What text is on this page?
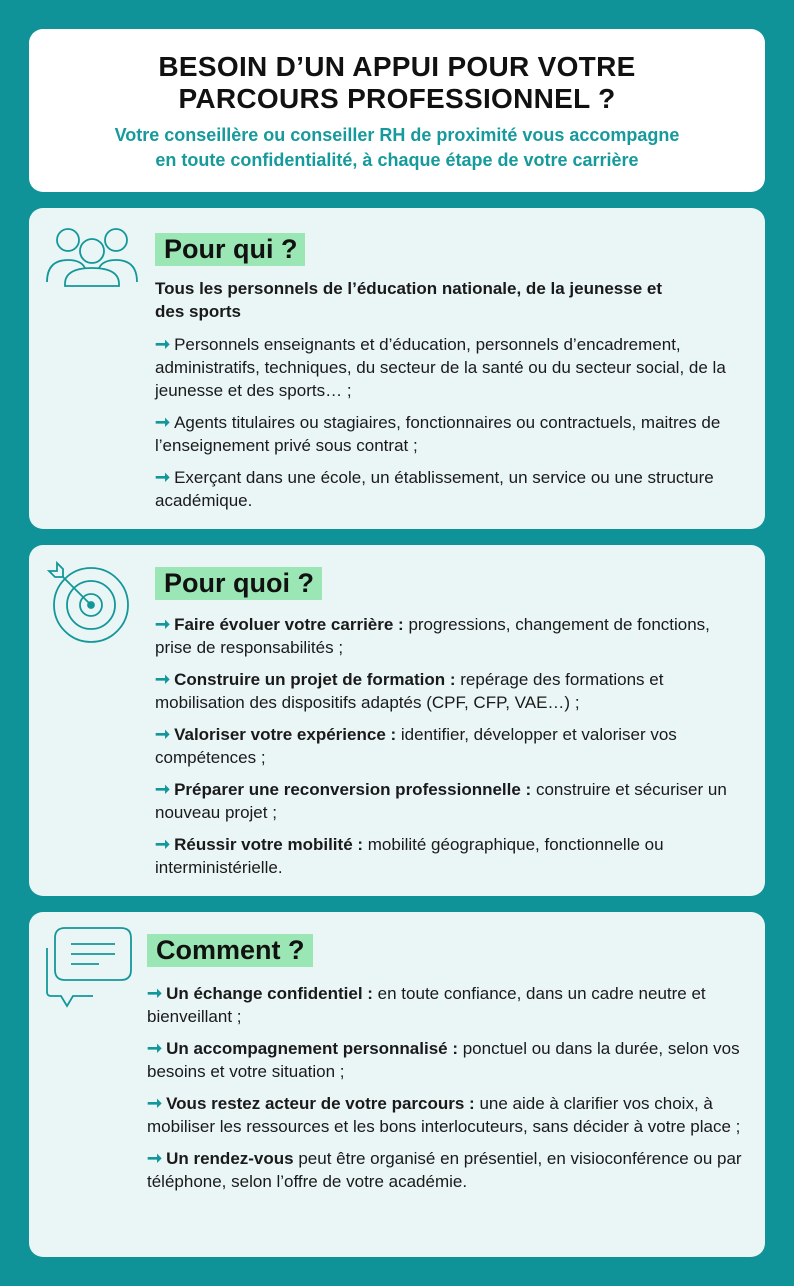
BESOIN D’UN APPUI POUR VOTRE
PARCOURS PROFESSIONNEL ?
Votre conseillère ou conseiller RH de proximité vous accompagne
en toute confidentialité, à chaque étape de votre carrière
Pour qui ?
Tous les personnels de l’éducation nationale, de la jeunesse et des sports
➞ Personnels enseignants et d’éducation, personnels d’encadrement, administratifs, techniques, du secteur de la santé ou du secteur social, de la jeunesse et des sports… ;
➞ Agents titulaires ou stagiaires, fonctionnaires ou contractuels, maitres de l’enseignement privé sous contrat ;
➞ Exerçant dans une école, un établissement, un service ou une structure académique.
Pour quoi ?
➞ Faire évoluer votre carrière : progressions, changement de fonctions, prise de responsabilités ;
➞ Construire un projet de formation : repérage des formations et mobilisation des dispositifs adaptés (CPF, CFP, VAE…) ;
➞ Valoriser votre expérience : identifier, développer et valoriser vos compétences ;
➞ Préparer une reconversion professionnelle : construire et sécuriser un nouveau projet ;
➞ Réussir votre mobilité : mobilité géographique, fonctionnelle ou interministérielle.
Comment ?
➞ Un échange confidentiel : en toute confiance, dans un cadre neutre et bienveillant ;
➞ Un accompagnement personnalisé : ponctuel ou dans la durée, selon vos besoins et votre situation ;
➞ Vous restez acteur de votre parcours : une aide à clarifier vos choix, à mobiliser les ressources et les bons interlocuteurs, sans décider à votre place ;
➞ Un rendez-vous peut être organisé en présentiel, en visioconférence ou par téléphone, selon l’offre de votre académie.
